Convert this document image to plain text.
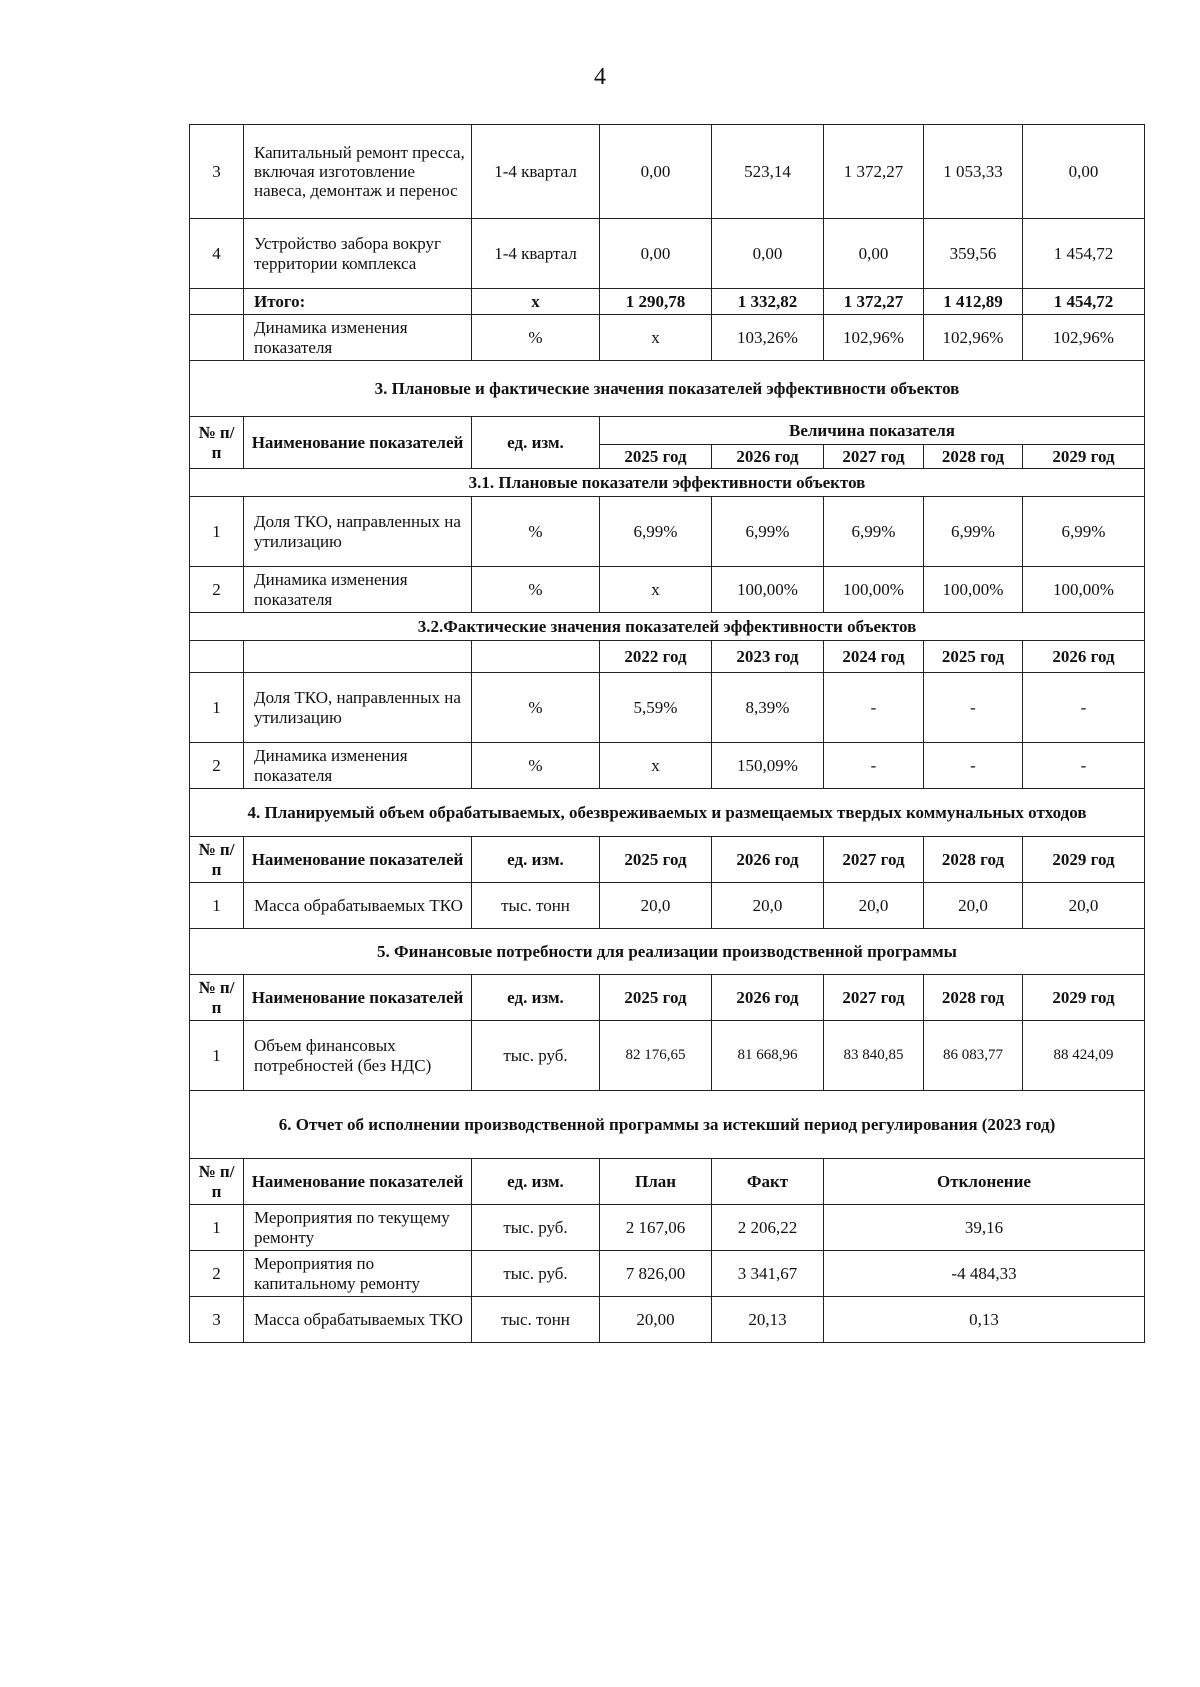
4
3	Капитальный ремонт пресса, включая изготовление навеса, демонтаж и перенос	1-4 квартал	0,00	523,14	1 372,27	1 053,33	0,00
4	Устройство забора вокруг территории комплекса	1-4 квартал	0,00	0,00	0,00	359,56	1 454,72
	Итого:	x	1 290,78	1 332,82	1 372,27	1 412,89	1 454,72
	Динамика изменения показателя	%	x	103,26%	102,96%	102,96%	102,96%
3. Плановые и фактические значения показателей эффективности объектов							
№ п/п	Наименование показателей	ед. изм.	Величина показателя				
			2025 год	2026 год	2027 год	2028 год	2029 год
3.1. Плановые показатели эффективности объектов							
1	Доля ТКО, направленных на утилизацию	%	6,99%	6,99%	6,99%	6,99%	6,99%
2	Динамика изменения показателя	%	x	100,00%	100,00%	100,00%	100,00%
3.2.Фактические значения показателей эффективности объектов							
			2022 год	2023 год	2024 год	2025 год	2026 год
1	Доля ТКО, направленных на утилизацию	%	5,59%	8,39%	-	-	-
2	Динамика изменения показателя	%	x	150,09%	-	-	-
4. Планируемый объем обрабатываемых, обезвреживаемых и размещаемых твердых коммунальных отходов							
№ п/п	Наименование показателей	ед. изм.	2025 год	2026 год	2027 год	2028 год	2029 год
1	Масса обрабатываемых ТКО	тыс. тонн	20,0	20,0	20,0	20,0	20,0
5. Финансовые потребности для реализации производственной программы							
№ п/п	Наименование показателей	ед. изм.	2025 год	2026 год	2027 год	2028 год	2029 год
1	Объем финансовых потребностей (без НДС)	тыс. руб.	82 176,65	81 668,96	83 840,85	86 083,77	88 424,09
6. Отчет об исполнении производственной программы за истекший период регулирования (2023 год)							
№ п/п	Наименование показателей	ед. изм.	План	Факт	Отклонение		
1	Мероприятия по текущему ремонту	тыс. руб.	2 167,06	2 206,22	39,16		
2	Мероприятия по капитальному ремонту	тыс. руб.	7 826,00	3 341,67	-4 484,33		
3	Масса обрабатываемых ТКО	тыс. тонн	20,00	20,13	0,13		
